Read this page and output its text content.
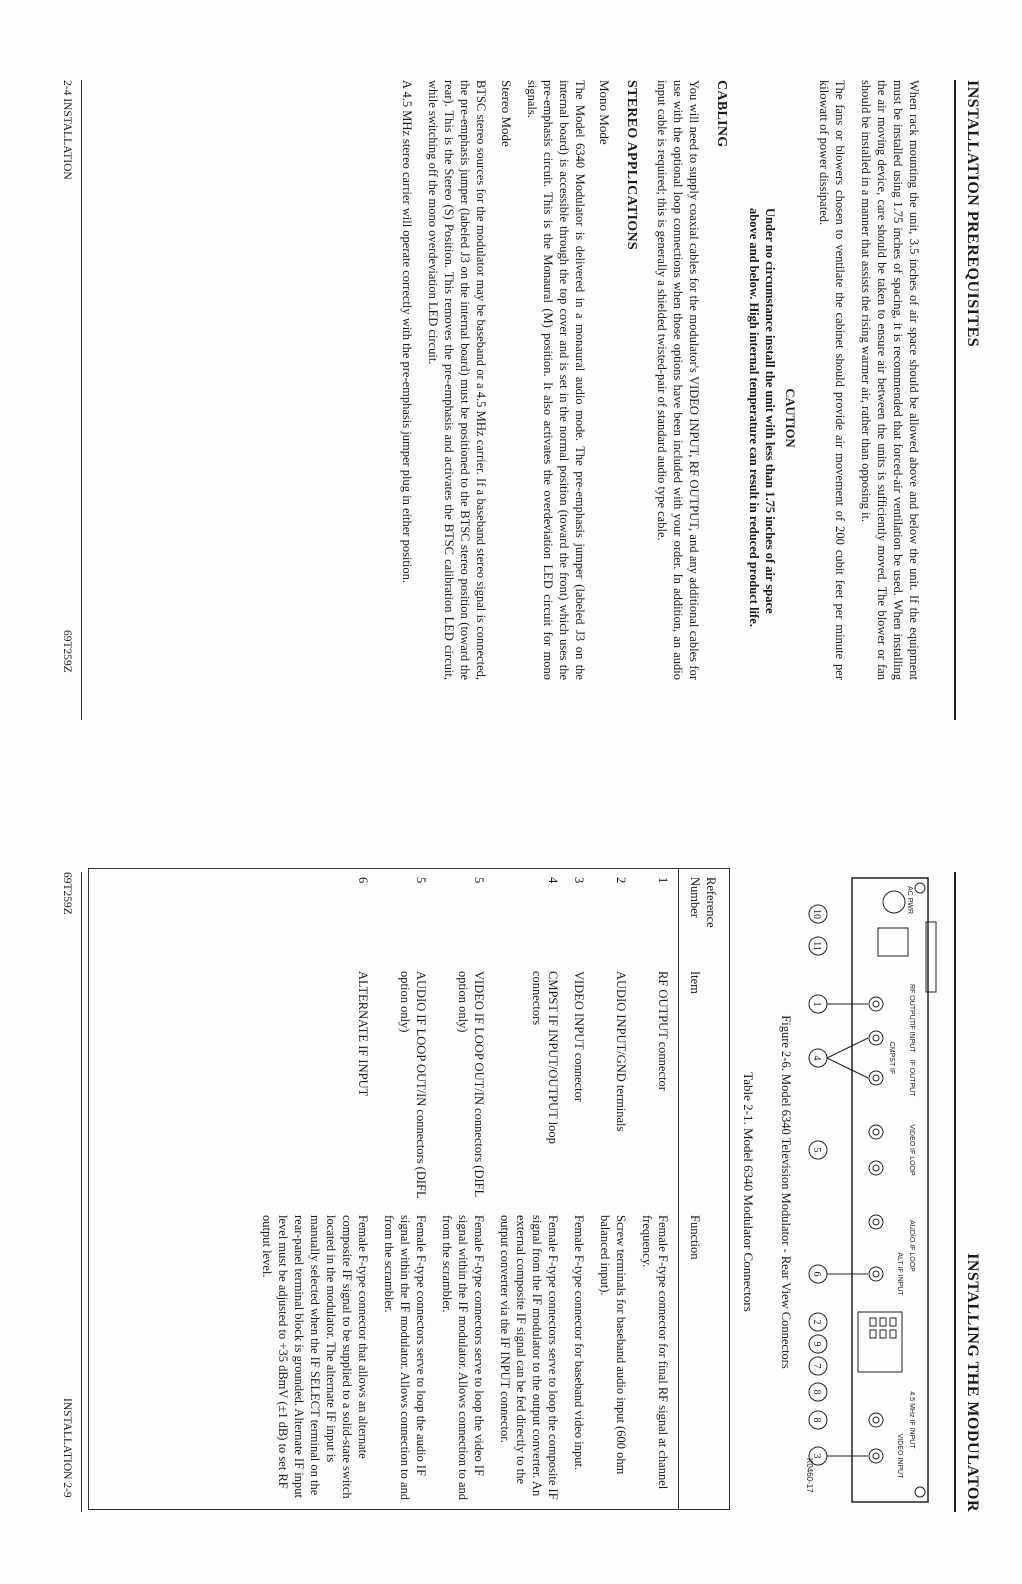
INSTALLATION PREREQUISITES

When rack mounting the unit, 3.5 inches of air space should be allowed above and below the unit. If the equipment must be installed using 1.75 inches of spacing, it is recommended that forced-air ventilation be used. When installing the air moving device, care should be taken to ensure air between the units is sufficiently moved. The blower or fan should be installed in a manner that assists the rising warmer air, rather than opposing it.

The fans or blowers chosen to ventilate the cabinet should provide air movement of 200 cubit feet per minute per kilowatt of power dissipated.

CAUTION
Under no circumstance install the unit with less than 1.75 inches of air space above and below. High internal temperature can result in reduced product life.
CABLING

You will need to supply coaxial cables for the modulator's VIDEO INPUT, RF OUTPUT, and any additional cables for use with the optional loop connections when those options have been included with your order. In addition, an audio input cable is required; this is generally a shielded twisted-pair of standard audio type cable.

STEREO APPLICATIONS
Mono Mode

The Model 6340 Modulator is delivered in a monaural audio mode. The pre-emphasis jumper (labeled J3 on the internal board) is accessible through the top cover and is set in the normal position (toward the front) which uses the pre-emphasis circuit. This is the Monaural (M) position. It also activates the overdeviation LED circuit for mono signals.

Stereo Mode

BTSC stereo sources for the modulator may be baseband or a 4.5 MHz carrier. If a baseband stereo signal is connected, the pre-emphasis jumper (labeled J3 on the internal board) must be positioned to the BTSC stereo position (toward the rear). This is the Stereo (S) Position. This removes the pre-emphasis and activates the BTSC calibration LED circuit, while switching off the mono overdeviation LED circuit.

A 4.5 MHz stereo carrier will operate correctly with the pre-emphasis jumper plug in either position.

2-4 INSTALLATION
69T259Z
INSTALLING THE MODULATOR
10
11
1
4
5
6
2
9
7
8
8
3
AC PWR
RF OUTPUT
IF INPUT
CMPST IF
IF OUTPUT
VIDEO IF LOOP
AUDIO IF LOOP
ALT IF INPUT
4.5 MHz IF INPUT
VIDEO INPUT
K0460-17
Figure 2-6. Model 6340 Television Modulator - Rear View Connectors
Table 2-1. Model 6340 Modulator Connectors
Reference Number	Item	Function
1	RF OUTPUT connector	Female F-type connector for final RF signal at channel frequency.
2	AUDIO INPUT/GND terminals	Screw terminals for baseband audio input (600 ohm balanced input).
3	VIDEO INPUT connector	Female F-type connector for baseband video input.
4	CMPST IF INPUT/OUTPUT loop connectors	Female F-type connectors serve to loop the composite IF signal from the IF modulator to the output converter. An external composite IF signal can be fed directly to the output converter via the IF INPUT connector.
5	VIDEO IF LOOP OUT/IN connectors (DIFL option only)	Female F-type connectors serve to loop the video IF signal within the IF modulator. Allows connection to and from the scrambler.
5	AUDIO IF LOOP OUT/IN connectors (DIFL option only)	Female F-type connectors serve to loop the audio IF signal within the IF modulator. Allows connection to and from the scrambler.
6	ALTERNATE IF INPUT	Female F-type connector that allows an alternate composite IF signal to be supplied to a solid-state switch located in the modulator. The alternate IF input is manually selected when the IF SELECT terminal on the rear-panel terminal block is grounded. Alternate IF input level must be adjusted to +35 dBmV (±1 dB) to set RF output level.
69T259Z
INSTALLATION 2-9
